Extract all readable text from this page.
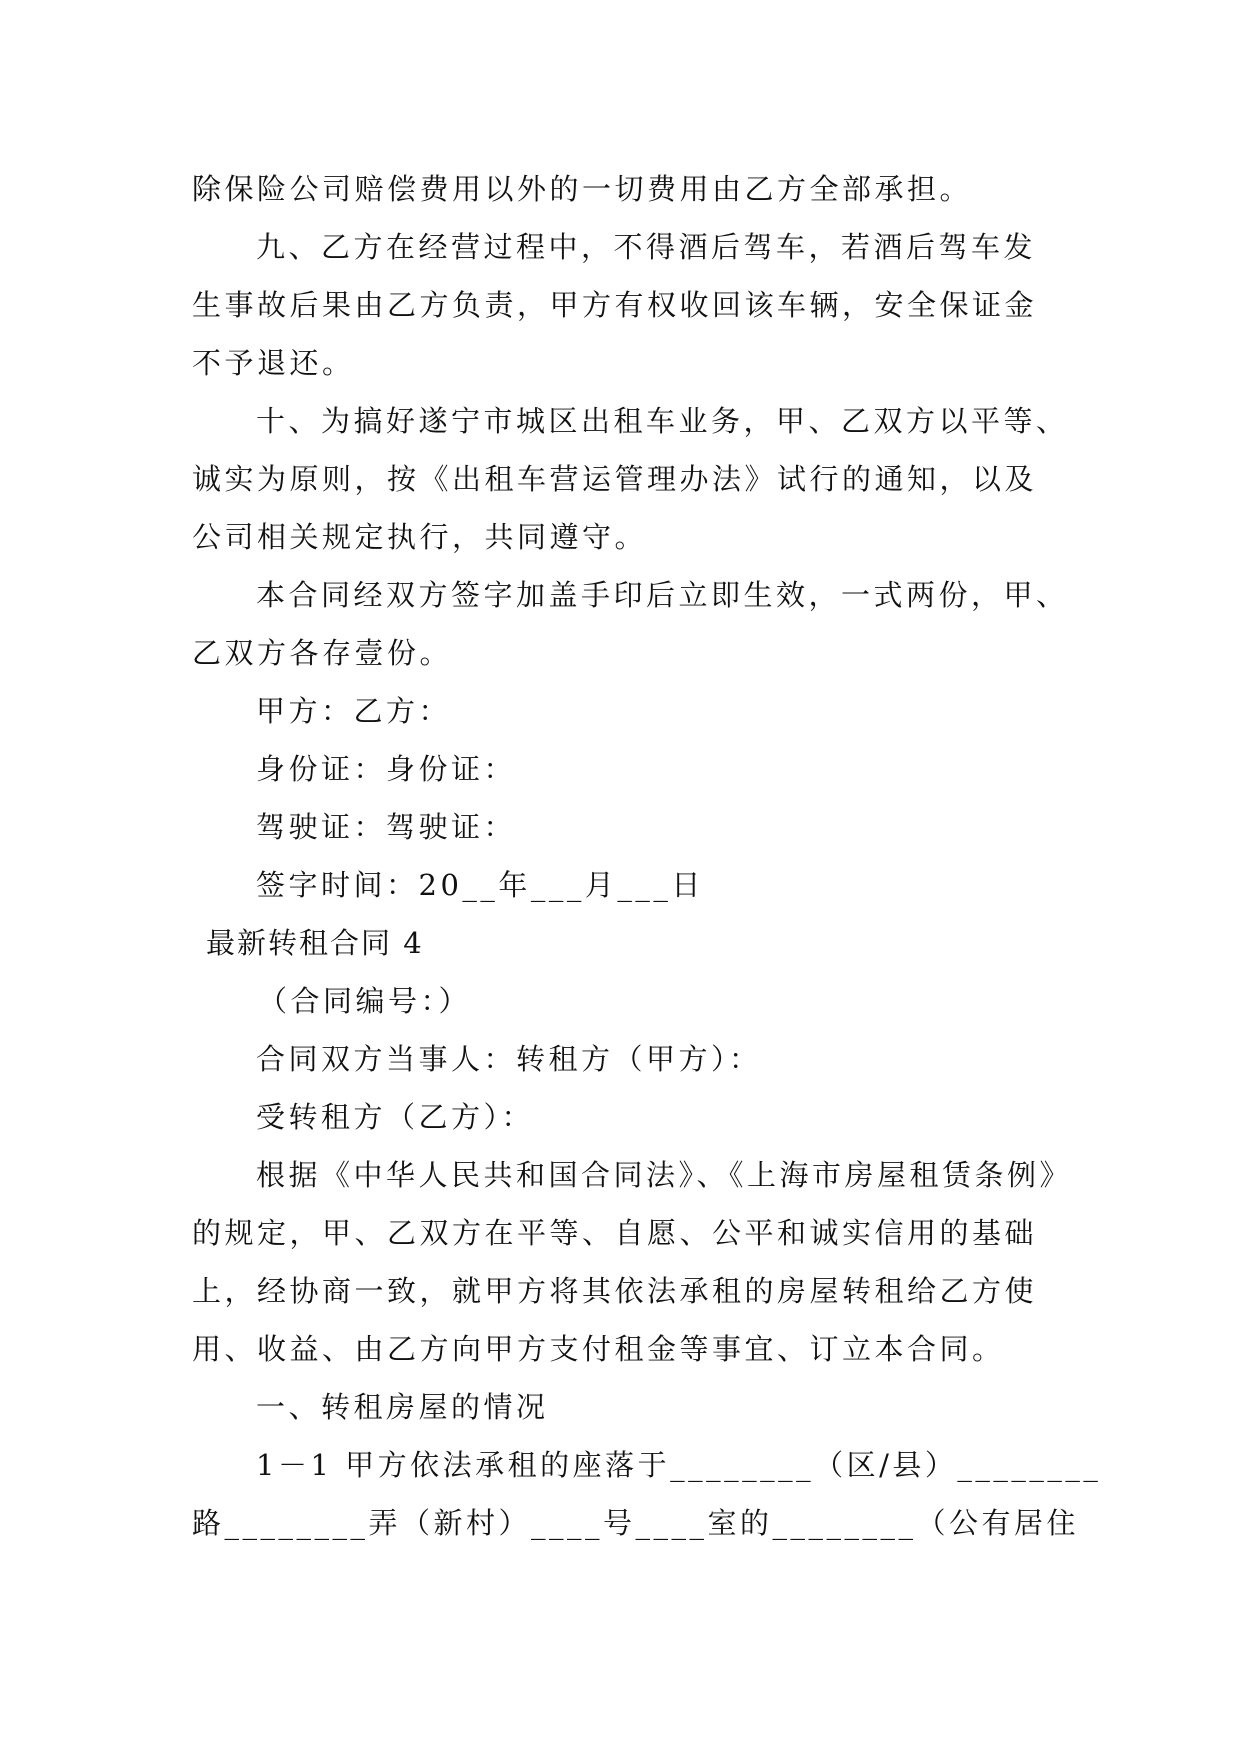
除保险公司赔偿费用以外的一切费用由乙方全部承担。
九、乙方在经营过程中，不得酒后驾车，若酒后驾车发
生事故后果由乙方负责，甲方有权收回该车辆，安全保证金
不予退还。
十、为搞好遂宁市城区出租车业务，甲、乙双方以平等、
诚实为原则，按《出租车营运管理办法》试行的通知，以及
公司相关规定执行，共同遵守。
本合同经双方签字加盖手印后立即生效，一式两份，甲、
乙双方各存壹份。
甲方：乙方：
身份证：身份证：
驾驶证：驾驶证：
签字时间：20__年___月___日
最新转租合同 4
（合同编号：）
合同双方当事人：转租方（甲方）：
受转租方（乙方）：
根据《中华人民共和国合同法》、《上海市房屋租赁条例》
的规定，甲、乙双方在平等、自愿、公平和诚实信用的基础
上，经协商一致，就甲方将其依法承租的房屋转租给乙方使
用、收益、由乙方向甲方支付租金等事宜、订立本合同。
一、转租房屋的情况
1－1 甲方依法承租的座落于________（区/县）________
路________弄（新村）____号____室的________（公有居住
